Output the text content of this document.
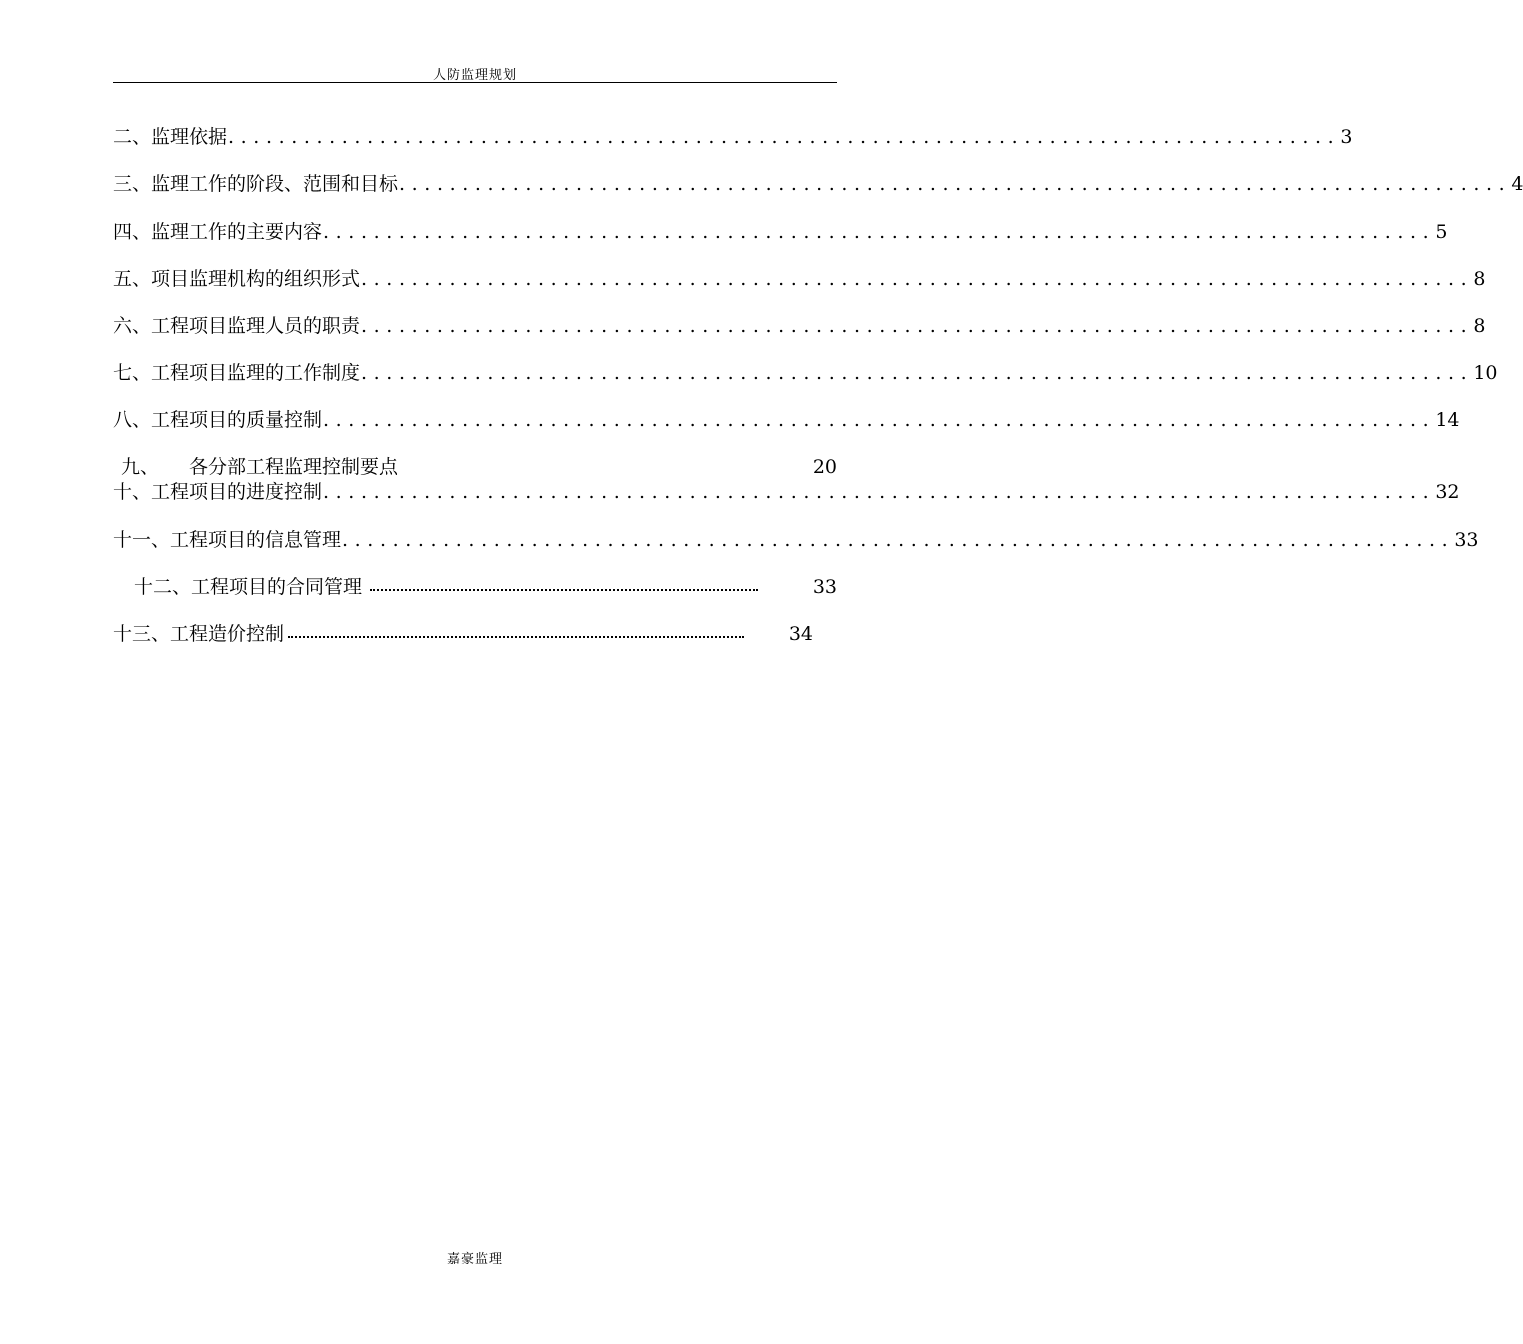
人防监理规划
二、 监理依据 ........................................................................................ 3
三、 监理工作的阶段、范围和目标 ........................................................................................ 4
四、 监理工作的主要内容 ........................................................................................ 5
五、 项目监理机构的组织形式 ........................................................................................ 8
六、 工程项目监理人员的职责 ........................................................................................ 8
七、 工程项目监理的工作制度 ........................................................................................ 10
八、 工程项目的质量控制 ........................................................................................ 14
九、	各分部工程监理控制要点	20
十、 工程项目的进度控制 ........................................................................................ 32
十一、 工程项目的信息管理 ........................................................................................ 33
十二、 工程项目的合同管理	33
十三、 工程造价控制	34
嘉豪监理
